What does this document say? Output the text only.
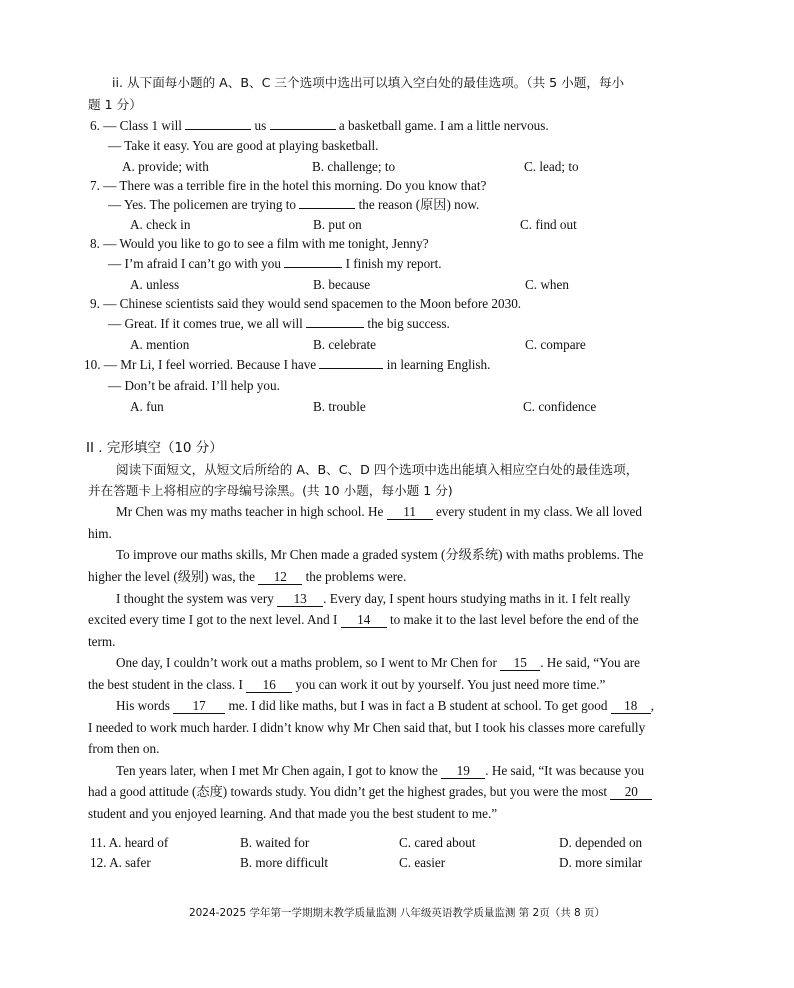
ii. 从下面每小题的 A、B、C 三个选项中选出可以填入空白处的最佳选项。（共 5 小题，每小
题 1 分）
6. — Class 1 will	us	a basketball game. I am a little nervous.
— Take it easy. You are good at playing basketball.
A. provide; with	B. challenge; to	C. lead; to
7. — There was a terrible fire in the hotel this morning. Do you know that?
— Yes. The policemen are trying to	the reason (原因) now.
A. check in	B. put on	C. find out
8. — Would you like to go to see a film with me tonight, Jenny?
— I’m afraid I can’t go with you	I finish my report.
A. unless	B. because	C. when
9. — Chinese scientists said they would send spacemen to the Moon before 2030.
— Great. If it comes true, we all will	the big success.
A. mention	B. celebrate	C. compare
10. — Mr Li, I feel worried. Because I have	in learning English.
— Don’t be afraid. I’ll help you.
A. fun	B. trouble	C. confidence
II . 完形填空（10 分）
阅读下面短文，从短文后所给的 A、B、C、D 四个选项中选出能填入相应空白处的最佳选项，
并在答题卡上将相应的字母编号涂黑。(共 10 小题，每小题 1 分)
Mr Chen was my maths teacher in high school. He 11 every student in my class. We all loved
him.
To improve our maths skills, Mr Chen made a graded system (分级系统) with maths problems. The
higher the level (级别) was, the 12 the problems were.
I thought the system was very 13 . Every day, I spent hours studying maths in it. I felt really
excited every time I got to the next level. And I 14 to make it to the last level before the end of the
term.
One day, I couldn’t work out a maths problem, so I went to Mr Chen for 15 . He said, “You are
the best student in the class. I 16 you can work it out by yourself. You just need more time.”
His words 17 me. I did like maths, but I was in fact a B student at school. To get good 18 ,
I needed to work much harder. I didn’t know why Mr Chen said that, but I took his classes more carefully
from then on.
Ten years later, when I met Mr Chen again, I got to know the 19 . He said, “It was because you
had a good attitude (态度) towards study. You didn’t get the highest grades, but you were the most 20
student and you enjoyed learning. And that made you the best student to me.”
11. A. heard of	B. waited for	C. cared about	D. depended on
12. A. safer	B. more difficult	C. easier	D. more similar
2024-2025 学年第一学期期末教学质量监测 八年级英语教学质量监测 第 2页（共 8 页）
